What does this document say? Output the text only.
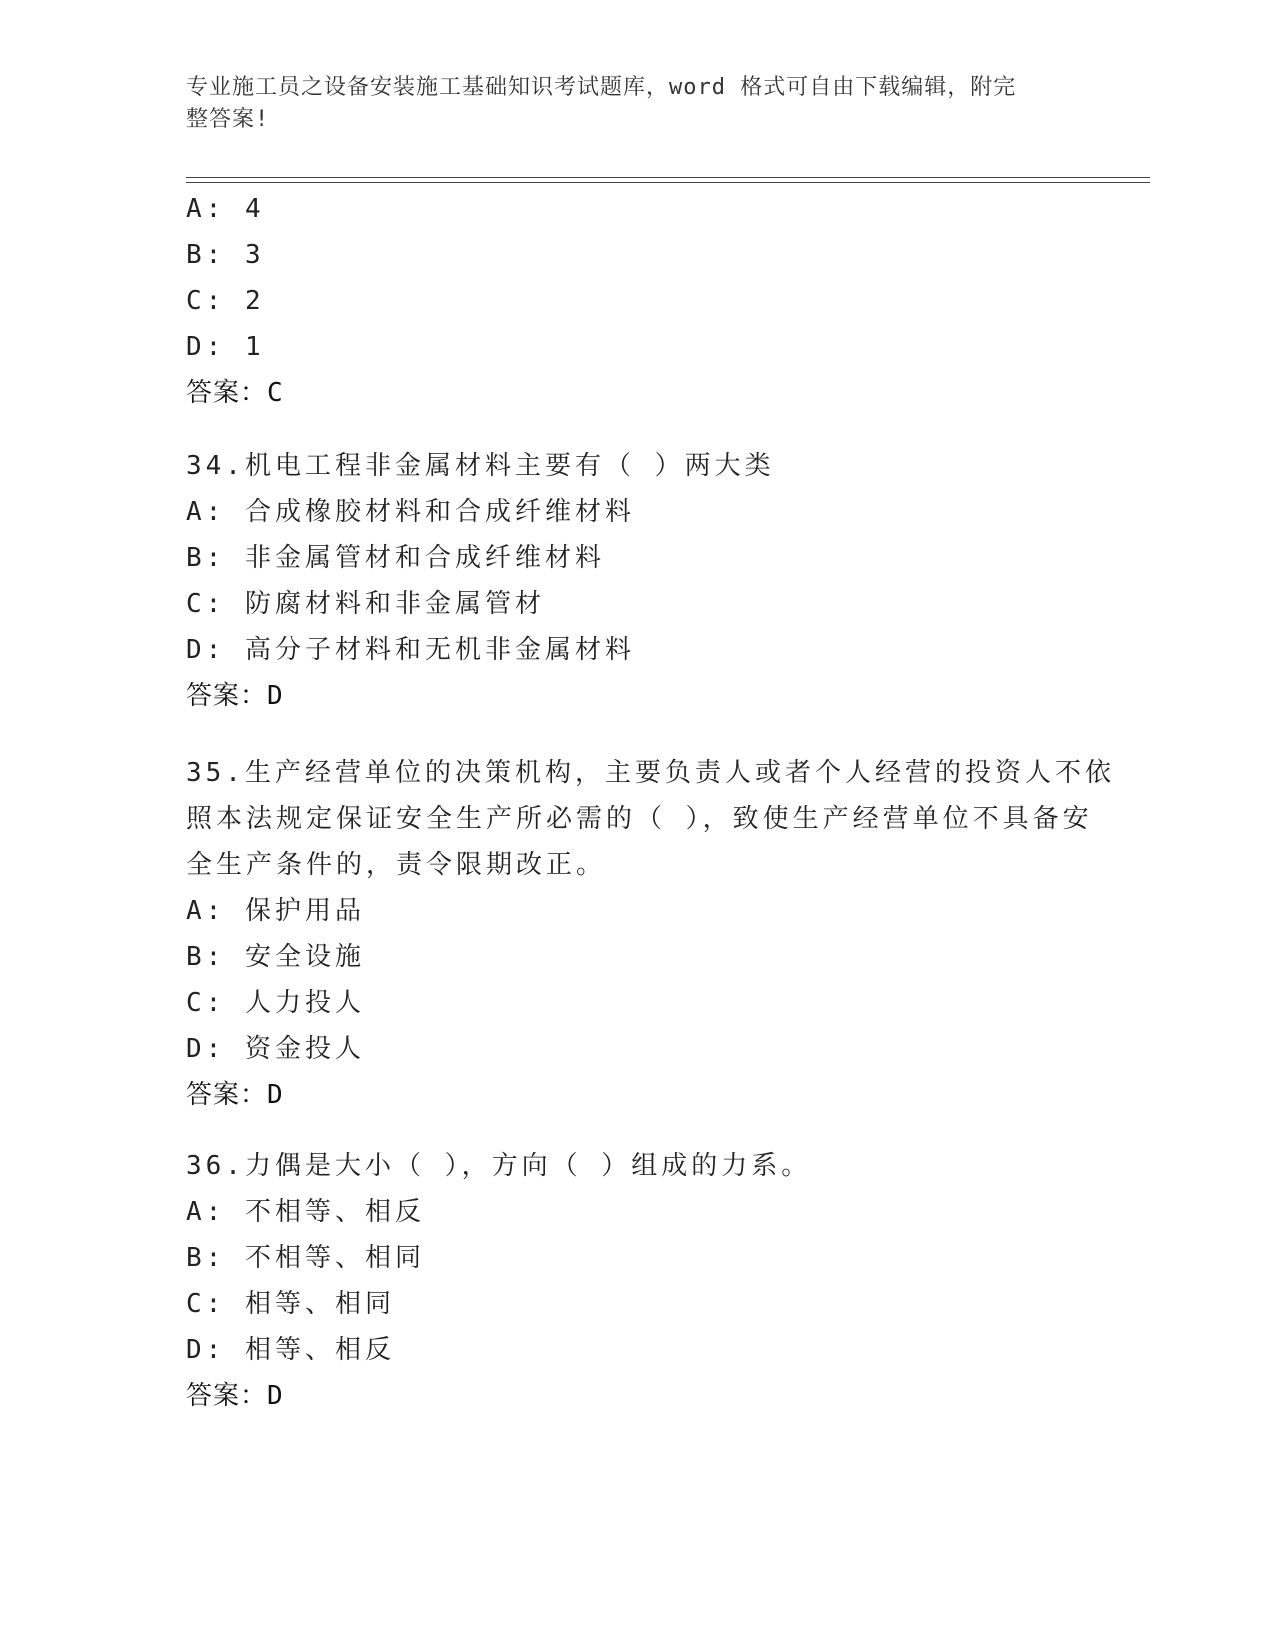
专业施工员之设备安装施工基础知识考试题库，word 格式可自由下载编辑，附完
整答案!
A: 4
B: 3
C: 2
D: 1
答案：C
34.机电工程非金属材料主要有（ ）两大类
A: 合成橡胶材料和合成纤维材料
B: 非金属管材和合成纤维材料
C: 防腐材料和非金属管材
D: 高分子材料和无机非金属材料
答案：D
35.生产经营单位的决策机构，主要负责人或者个人经营的投资人不依
照本法规定保证安全生产所必需的（ ），致使生产经营单位不具备安
全生产条件的，责令限期改正。
A: 保护用品
B: 安全设施
C: 人力投人
D: 资金投人
答案：D
36.力偶是大小（ ），方向（ ）组成的力系。
A: 不相等、相反
B: 不相等、相同
C: 相等、相同
D: 相等、相反
答案：D
